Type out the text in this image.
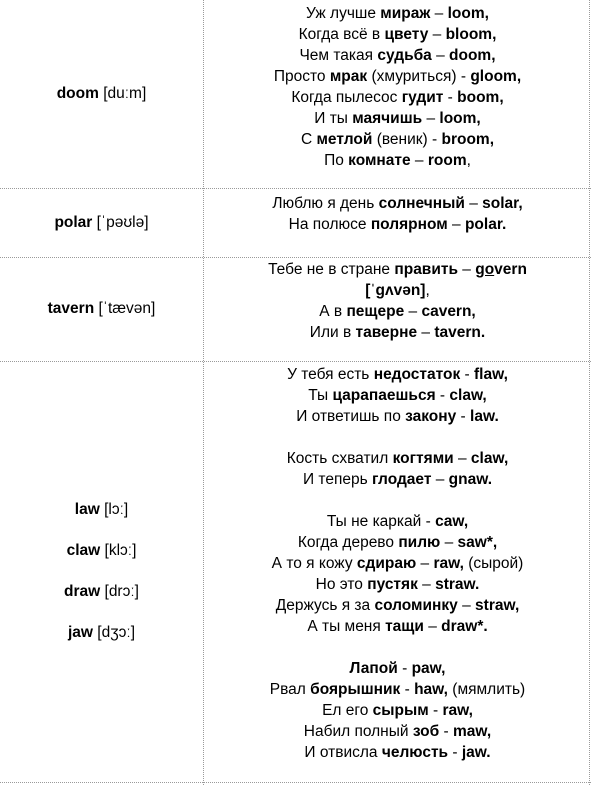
doom [duːm]
polar [ˈpəʊlə]
tavern [ˈtævən]
law [lɔː]
claw [klɔː]
draw [drɔː]
jaw [dʒɔː]
Уж лучше мираж – loom,
Когда всё в цвету – bloom,
Чем такая судьба – doom,
Просто мрак (хмуриться) - gloom,
Когда пылесос гудит - boom,
И ты маячишь – loom,
С метлой (веник) - broom,
По комнате – room,
Люблю я день солнечный – solar,
На полюсе полярном – polar.
Тебе не в стране править – govern
[ˈɡʌvən],
А в пещере – cavern,
Или в таверне – tavern.
У тебя есть недостаток - flaw,
Ты царапаешься - claw,
И ответишь по закону - law.
Кость схватил когтями – claw,
И теперь глодает – gnaw.
Ты не каркай - caw,
Когда дерево пилю – saw*,
А то я кожу сдираю – raw, (сырой)
Но это пустяк – straw.
Держусь я за соломинку – straw,
А ты меня тащи – draw*.
Лапой - paw,
Рвал боярышник - haw, (мямлить)
Ел его сырым - raw,
Набил полный зоб - maw,
И отвисла челюсть - jaw.
